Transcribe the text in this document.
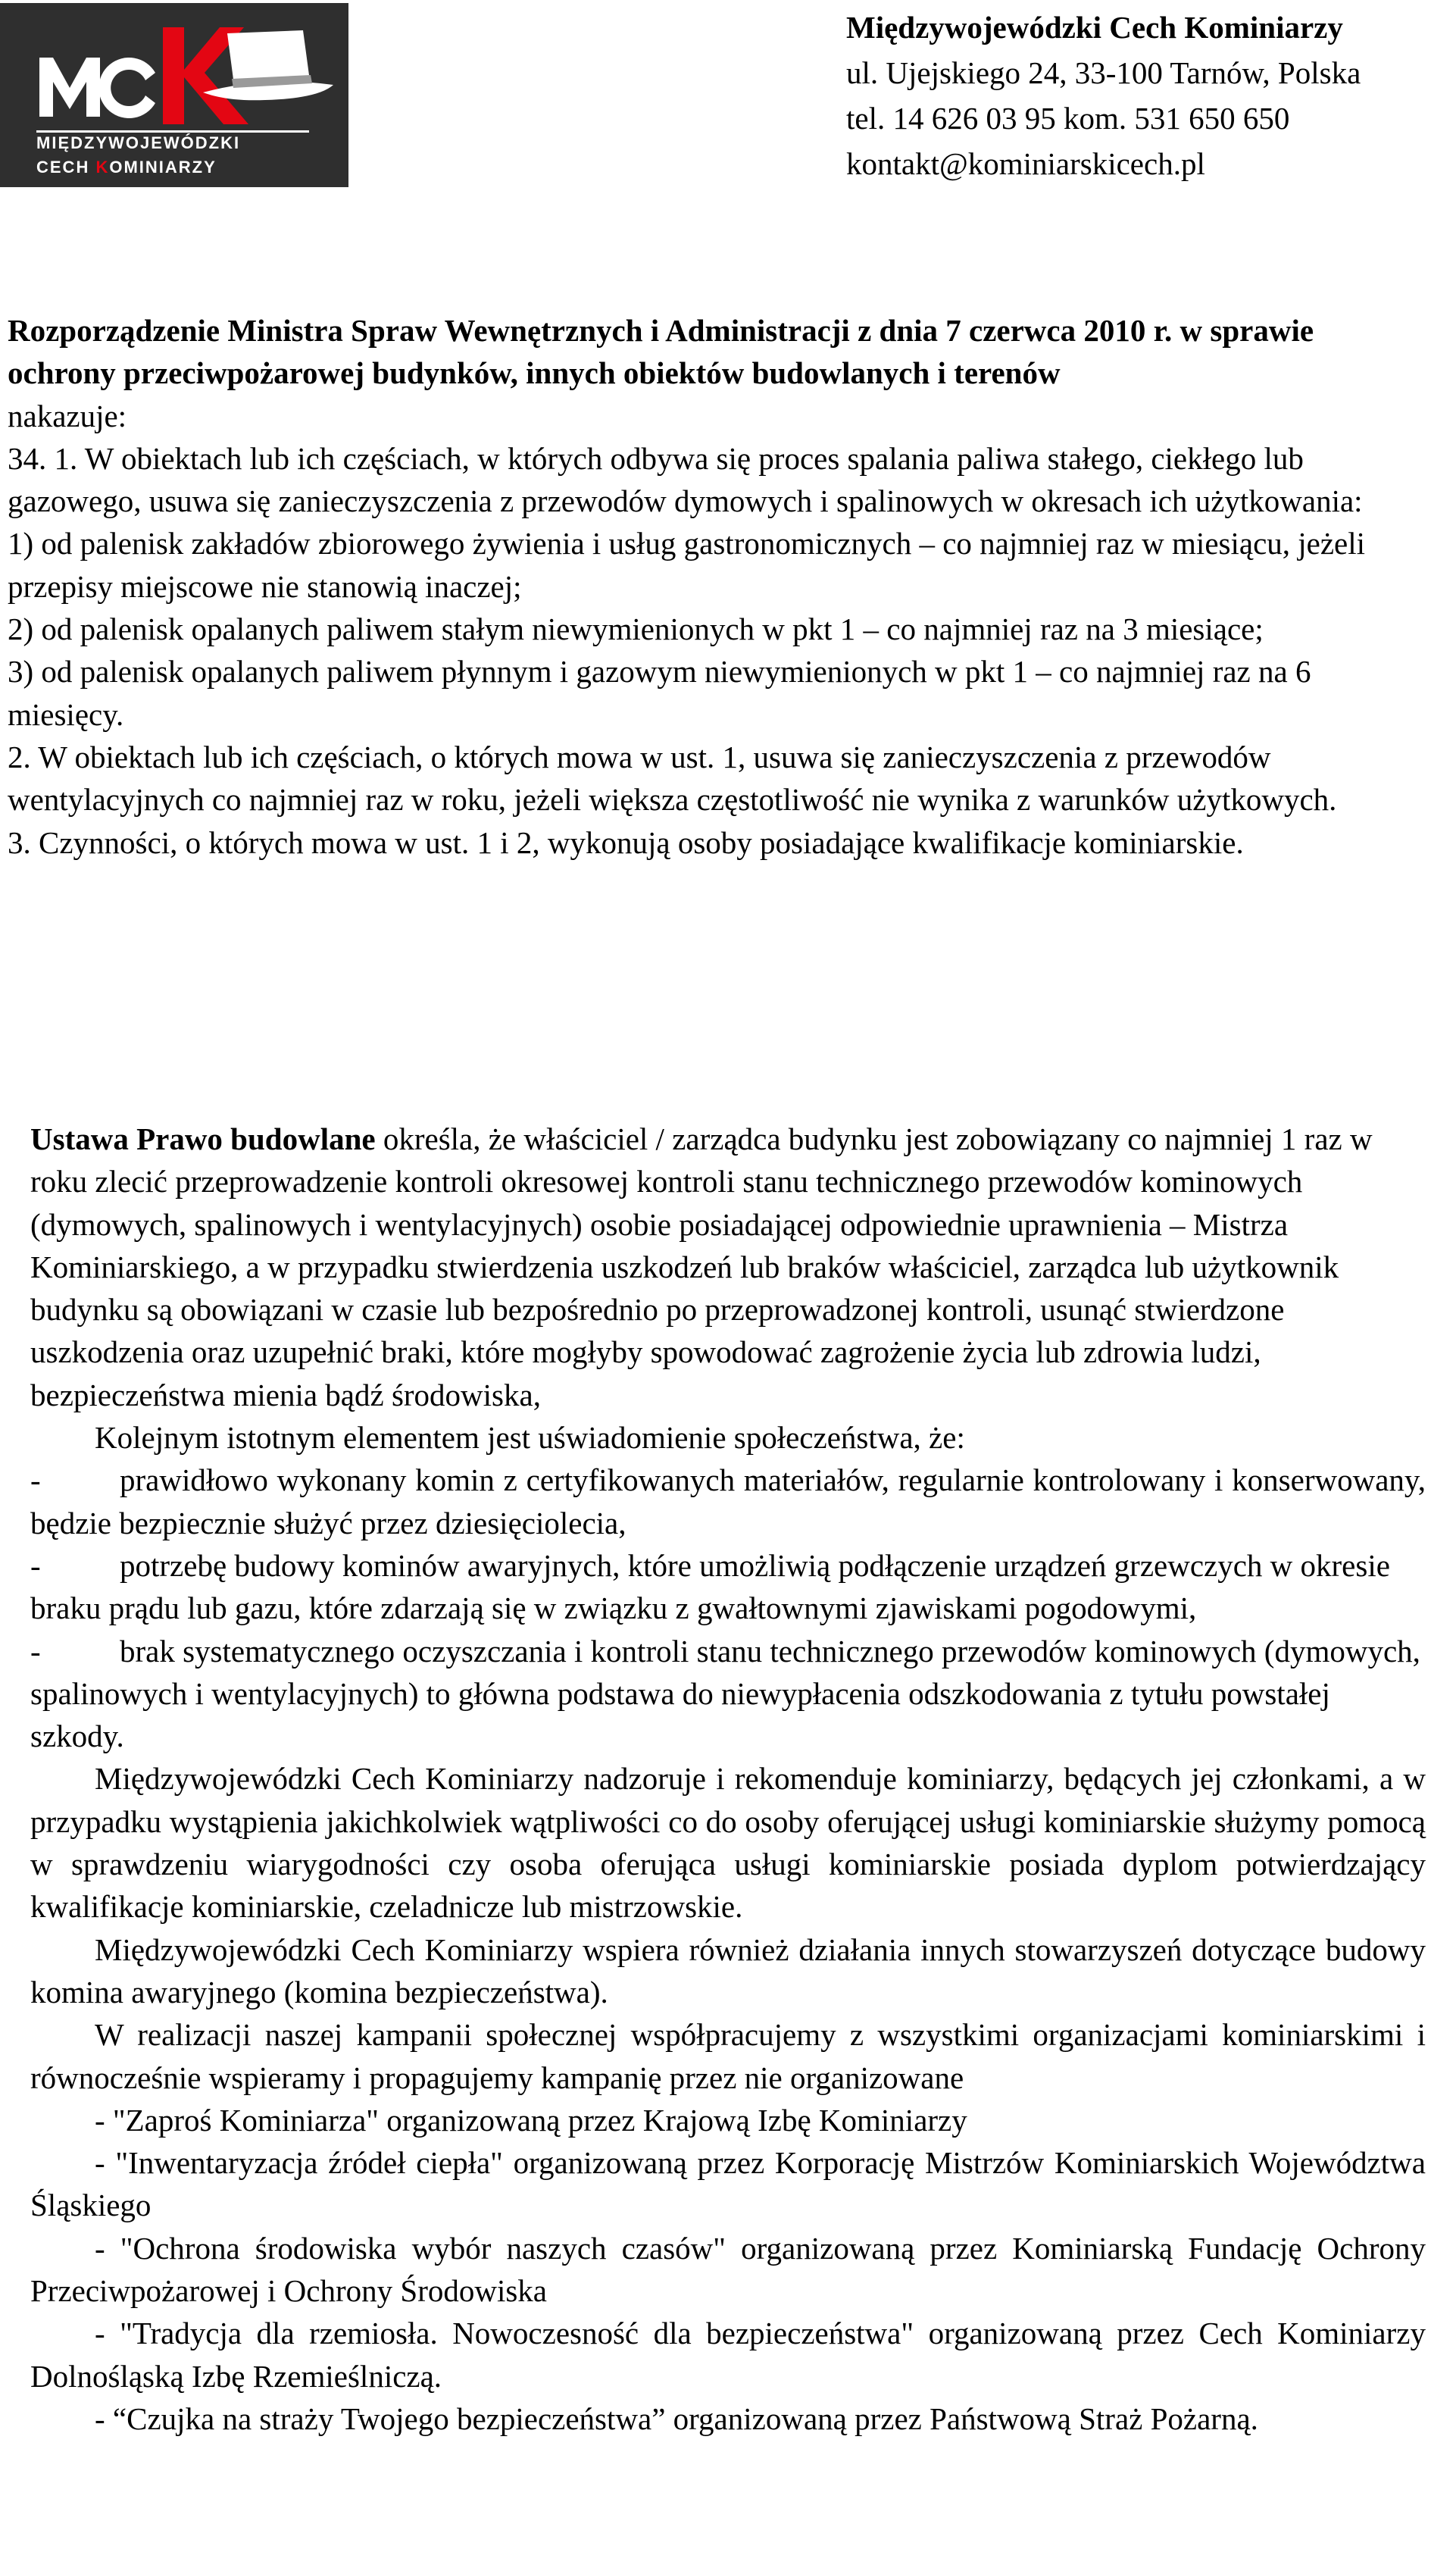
MIĘDZYWOJEWÓDZKI
CECH KOMINIARZY
Międzywojewódzki Cech Kominiarzy
ul. Ujejskiego 24, 33-100 Tarnów, Polska
tel. 14 626 03 95 kom. 531 650 650
kontakt@kominiarskicech.pl

Rozporządzenie Ministra Spraw Wewnętrznych i Administracji z dnia 7 czerwca 2010 r. w sprawie ochrony przeciwpożarowej budynków, innych obiektów budowlanych i terenów

nakazuje:

34. 1. W obiektach lub ich częściach, w których odbywa się proces spalania paliwa stałego, ciekłego lub gazowego, usuwa się zanieczyszczenia z przewodów dymowych i spalinowych w okresach ich użytkowania:

1) od palenisk zakładów zbiorowego żywienia i usług gastronomicznych – co najmniej raz w miesiącu, jeżeli przepisy miejscowe nie stanowią inaczej;

2) od palenisk opalanych paliwem stałym niewymienionych w pkt 1 – co najmniej raz na 3 miesiące;

3) od palenisk opalanych paliwem płynnym i gazowym niewymienionych w pkt 1 – co najmniej raz na 6 miesięcy.

2. W obiektach lub ich częściach, o których mowa w ust. 1, usuwa się zanieczyszczenia z przewodów wentylacyjnych co najmniej raz w roku, jeżeli większa częstotliwość nie wynika z warunków użytkowych.

3. Czynności, o których mowa w ust. 1 i 2, wykonują osoby posiadające kwalifikacje kominiarskie.

Ustawa Prawo budowlane określa, że właściciel / zarządca budynku jest zobowiązany co najmniej 1 raz w roku zlecić przeprowadzenie kontroli okresowej kontroli stanu technicznego przewodów kominowych (dymowych, spalinowych i wentylacyjnych) osobie posiadającej odpowiednie uprawnienia – Mistrza Kominiarskiego, a w przypadku stwierdzenia uszkodzeń lub braków właściciel, zarządca lub użytkownik budynku są obowiązani w czasie lub bezpośrednio po przeprowadzonej kontroli, usunąć stwierdzone uszkodzenia oraz uzupełnić braki, które mogłyby spowodować zagrożenie życia lub zdrowia ludzi, bezpieczeństwa mienia bądź środowiska,

Kolejnym istotnym elementem jest uświadomienie społeczeństwa, że:

-	prawidłowo wykonany komin z certyfikowanych materiałów, regularnie kontrolowany i konserwowany, będzie bezpiecznie służyć przez dziesięciolecia,

-	potrzebę budowy kominów awaryjnych, które umożliwią podłączenie urządzeń grzewczych w okresie braku prądu lub gazu, które zdarzają się w związku z gwałtownymi zjawiskami pogodowymi,

-	brak systematycznego oczyszczania i kontroli stanu technicznego przewodów kominowych (dymowych, spalinowych i wentylacyjnych) to główna podstawa do niewypłacenia odszkodowania z tytułu powstałej szkody.

Międzywojewódzki Cech Kominiarzy nadzoruje i rekomenduje kominiarzy, będących jej członkami, a w przypadku wystąpienia jakichkolwiek wątpliwości co do osoby oferującej usługi kominiarskie służymy pomocą w sprawdzeniu wiarygodności czy osoba oferująca usługi kominiarskie posiada dyplom potwierdzający kwalifikacje kominiarskie, czeladnicze lub mistrzowskie.

Międzywojewódzki Cech Kominiarzy wspiera również działania innych stowarzyszeń dotyczące budowy komina awaryjnego (komina bezpieczeństwa).

W realizacji naszej kampanii społecznej współpracujemy z wszystkimi organizacjami kominiarskimi i równocześnie wspieramy i propagujemy kampanię przez nie organizowane

- "Zaproś Kominiarza" organizowaną przez Krajową Izbę Kominiarzy

- "Inwentaryzacja źródeł ciepła" organizowaną przez Korporację Mistrzów Kominiarskich Województwa Śląskiego

- "Ochrona środowiska wybór naszych czasów" organizowaną przez Kominiarską Fundację Ochrony Przeciwpożarowej i Ochrony Środowiska

- "Tradycja dla rzemiosła. Nowoczesność dla bezpieczeństwa" organizowaną przez Cech Kominiarzy Dolnośląską Izbę Rzemieślniczą.

- “Czujka na straży Twojego bezpieczeństwa” organizowaną przez Państwową Straż Pożarną.
